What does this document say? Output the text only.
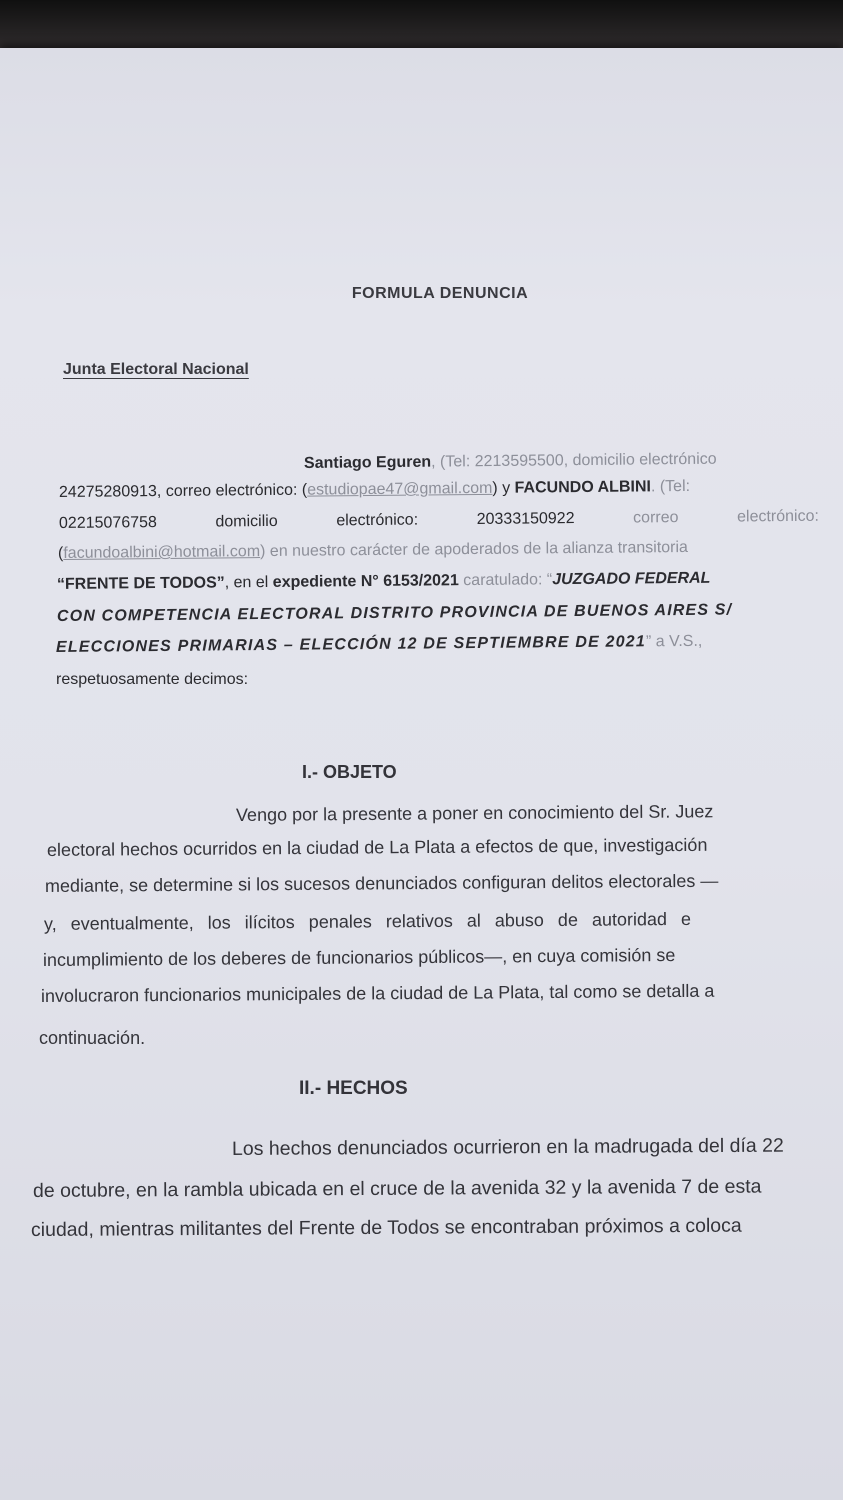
FORMULA DENUNCIA
Junta Electoral Nacional
Santiago Eguren, (Tel: 2213595500, domicilio electrónico
24275280913, correo electrónico: (estudiopae47@gmail.com) y FACUNDO ALBINI. (Tel:
02215076758	domicilio	electrónico:	20333150922	correo	electrónico:
(facundoalbini@hotmail.com) en nuestro carácter de apoderados de la alianza transitoria
“FRENTE DE TODOS”, en el expediente N° 6153/2021 caratulado: “JUZGADO FEDERAL
CON COMPETENCIA ELECTORAL DISTRITO PROVINCIA DE BUENOS AIRES S/
ELECCIONES PRIMARIAS – ELECCIÓN 12 DE SEPTIEMBRE DE 2021” a V.S.,
respetuosamente decimos:
I.- OBJETO
Vengo por la presente a poner en conocimiento del Sr. Juez
electoral hechos ocurridos en la ciudad de La Plata a efectos de que, investigación
mediante, se determine si los sucesos denunciados configuran delitos electorales —
y, eventualmente, los ilícitos penales relativos al abuso de autoridad e
incumplimiento de los deberes de funcionarios públicos—, en cuya comisión se
involucraron funcionarios municipales de la ciudad de La Plata, tal como se detalla a
continuación.
II.- HECHOS
Los hechos denunciados ocurrieron en la madrugada del día 22
de octubre, en la rambla ubicada en el cruce de la avenida 32 y la avenida 7 de esta
ciudad, mientras militantes del Frente de Todos se encontraban próximos a coloca
